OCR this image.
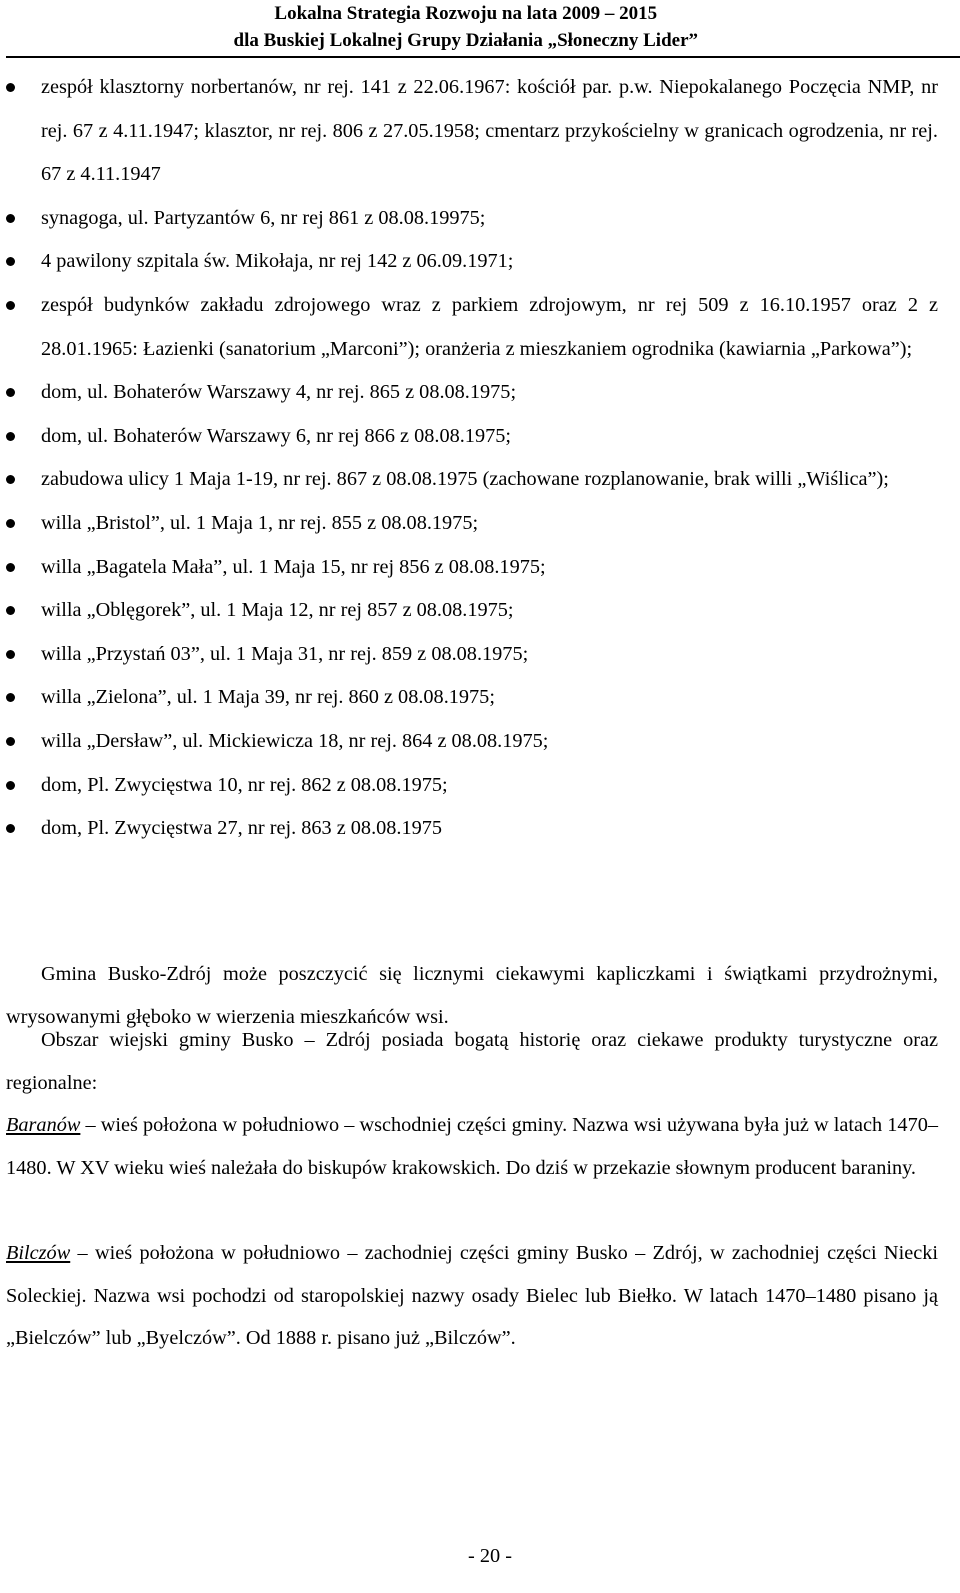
Lokalna Strategia Rozwoju na lata 2009 – 2015
dla Buskiej Lokalnej Grupy Działania „Słoneczny Lider”
zespół klasztorny norbertanów, nr rej. 141 z 22.06.1967: kościół par. p.w. Niepokalanego Poczęcia NMP, nr rej. 67 z 4.11.1947; klasztor, nr rej. 806 z 27.05.1958; cmentarz przykościelny w granicach ogrodzenia, nr rej. 67 z 4.11.1947
synagoga, ul. Partyzantów 6, nr rej 861 z 08.08.19975;
4 pawilony szpitala św. Mikołaja, nr rej 142 z 06.09.1971;
zespół budynków zakładu zdrojowego wraz z parkiem zdrojowym, nr rej 509 z 16.10.1957 oraz 2 z 28.01.1965: Łazienki (sanatorium „Marconi”); oranżeria z mieszkaniem ogrodnika (kawiarnia „Parkowa”);
dom, ul. Bohaterów Warszawy 4, nr rej. 865 z 08.08.1975;
dom, ul. Bohaterów Warszawy 6, nr rej 866 z 08.08.1975;
zabudowa ulicy 1 Maja 1-19, nr rej. 867 z 08.08.1975 (zachowane rozplanowanie, brak willi „Wiślica”);
willa „Bristol”, ul. 1 Maja 1, nr rej. 855 z 08.08.1975;
willa „Bagatela Mała”, ul. 1 Maja 15, nr rej 856 z 08.08.1975;
willa „Oblęgorek”, ul. 1 Maja 12, nr rej 857 z 08.08.1975;
willa „Przystań 03”, ul. 1 Maja 31, nr rej. 859 z 08.08.1975;
willa „Zielona”, ul. 1 Maja 39, nr rej. 860 z 08.08.1975;
willa „Dersław”, ul. Mickiewicza 18, nr rej. 864 z 08.08.1975;
dom, Pl. Zwycięstwa 10, nr rej. 862 z 08.08.1975;
dom, Pl. Zwycięstwa 27, nr rej. 863 z 08.08.1975

Gmina Busko-Zdrój może poszczycić się licznymi ciekawymi kapliczkami i świątkami przydrożnymi, wrysowanymi głęboko w wierzenia mieszkańców wsi.

Obszar wiejski gminy Busko – Zdrój posiada bogatą historię oraz ciekawe produkty turystyczne oraz regionalne:

Baranów – wieś położona w południowo – wschodniej części gminy. Nazwa wsi używana była już w latach 1470–1480. W XV wieku wieś należała do biskupów krakowskich. Do dziś w przekazie słownym producent baraniny.

Bilczów – wieś położona w południowo – zachodniej części gminy Busko – Zdrój, w zachodniej części Niecki Soleckiej. Nazwa wsi pochodzi od staropolskiej nazwy osady Bielec lub Biełko. W latach 1470–1480 pisano ją „Bielczów” lub „Byelczów”. Od 1888 r. pisano już „Bilczów”.

- 20 -
